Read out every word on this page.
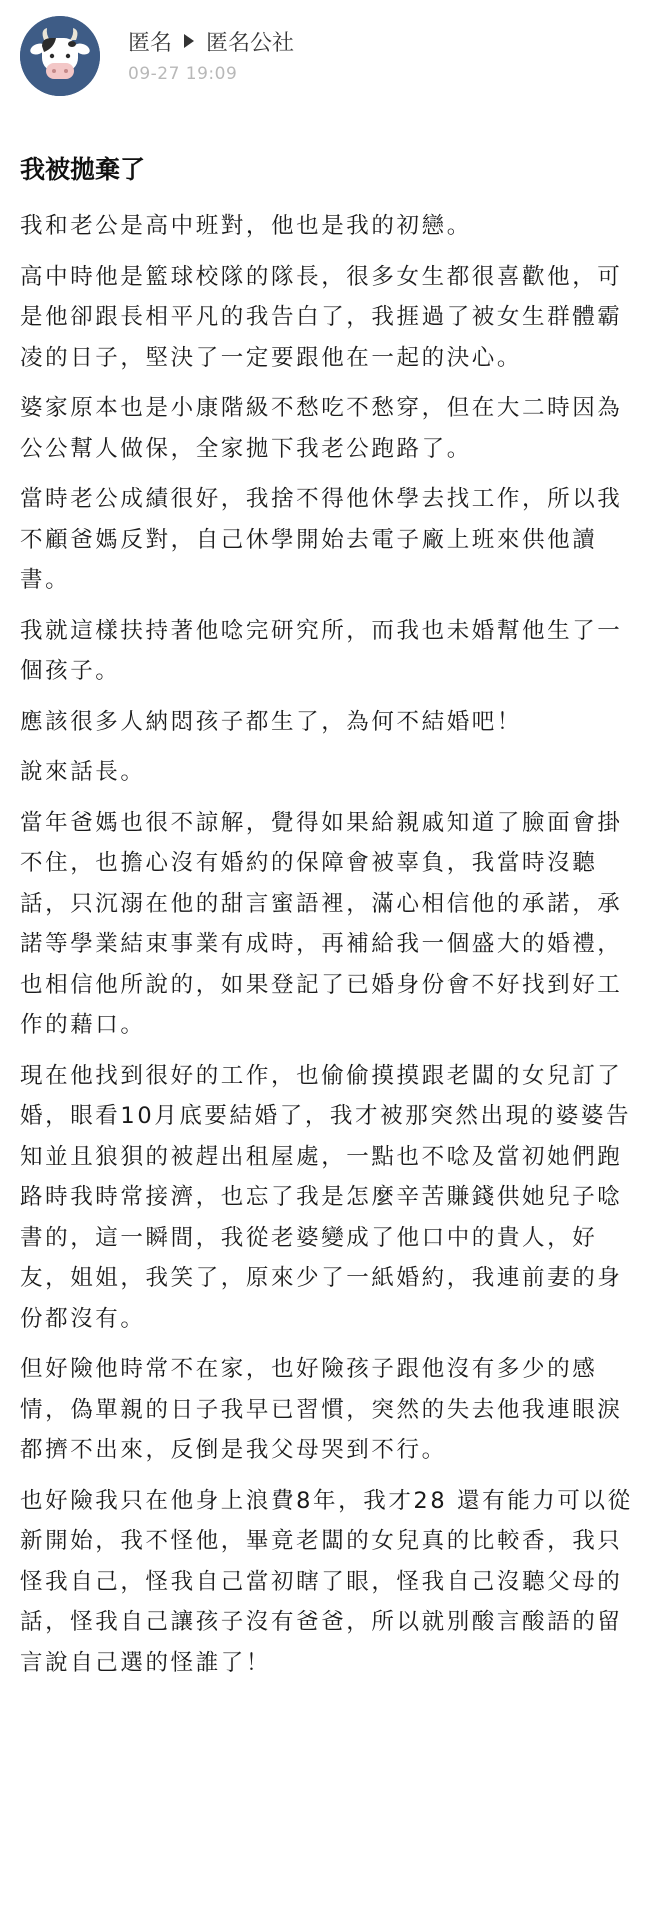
匿名 匿名公社
09-27 19:09
我被拋棄了

我和老公是高中班對，他也是我的初戀。

高中時他是籃球校隊的隊長，很多女生都很喜歡他，可是他卻跟長相平凡的我告白了，我捱過了被女生群體霸凌的日子，堅決了一定要跟他在一起的決心。

婆家原本也是小康階級不愁吃不愁穿，但在大二時因為公公幫人做保，全家拋下我老公跑路了。

當時老公成績很好，我捨不得他休學去找工作，所以我不顧爸媽反對，自己休學開始去電子廠上班來供他讀書。

我就這樣扶持著他唸完研究所，而我也未婚幫他生了一個孩子。

應該很多人納悶孩子都生了，為何不結婚吧！

說來話長。

當年爸媽也很不諒解，覺得如果給親戚知道了臉面會掛不住，也擔心沒有婚約的保障會被辜負，我當時沒聽話，只沉溺在他的甜言蜜語裡，滿心相信他的承諾，承諾等學業結束事業有成時，再補給我一個盛大的婚禮，也相信他所說的，如果登記了已婚身份會不好找到好工作的藉口。

現在他找到很好的工作，也偷偷摸摸跟老闆的女兒訂了婚，眼看10月底要結婚了，我才被那突然出現的婆婆告知並且狼狽的被趕出租屋處，一點也不唸及當初她們跑路時我時常接濟，也忘了我是怎麼辛苦賺錢供她兒子唸書的，這一瞬間，我從老婆變成了他口中的貴人，好友，姐姐，我笑了，原來少了一紙婚約，我連前妻的身份都沒有。

但好險他時常不在家，也好險孩子跟他沒有多少的感情，偽單親的日子我早已習慣，突然的失去他我連眼淚都擠不出來，反倒是我父母哭到不行。

也好險我只在他身上浪費8年，我才28 還有能力可以從新開始，我不怪他，畢竟老闆的女兒真的比較香，我只怪我自己，怪我自己當初瞎了眼，怪我自己沒聽父母的話，怪我自己讓孩子沒有爸爸，所以就別酸言酸語的留言說自己選的怪誰了！
